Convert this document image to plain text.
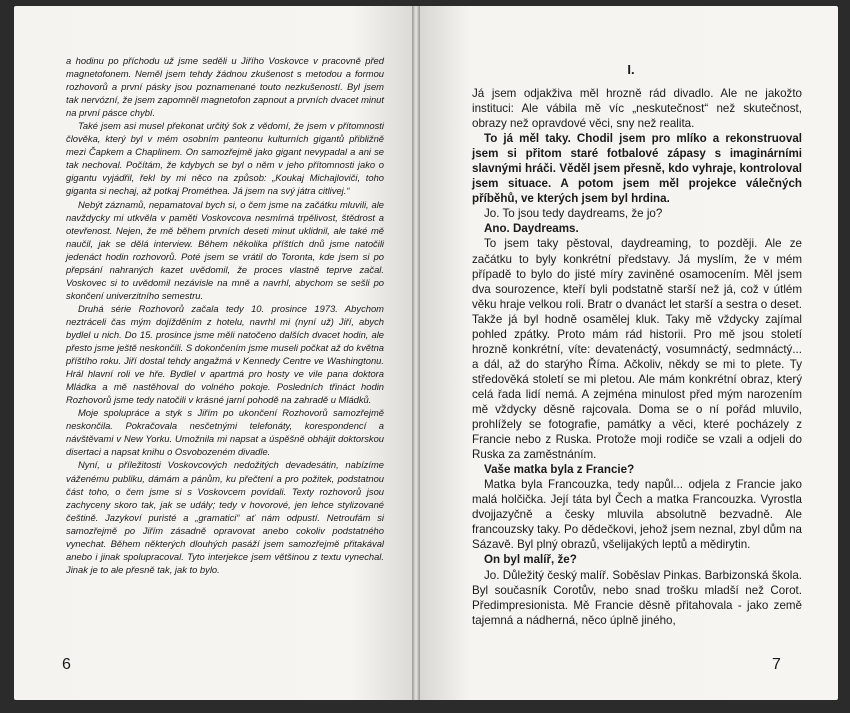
a hodinu po příchodu už jsme seděli u Jiřího Voskovce v pracovně před magnetofonem. Neměl jsem tehdy žádnou zkušenost s metodou a formou rozhovorů a první pásky jsou poznamenané touto nezkušeností. Byl jsem tak nervózní, že jsem zapomněl magnetofon zapnout a prvních dvacet minut na první pásce chybí.

Také jsem asi musel překonat určitý šok z vědomí, že jsem v přítomnosti člověka, který byl v mém osobním panteonu kulturních gigantů přibližně mezi Čapkem a Chaplinem. On samozřejmě jako gigant nevypadal a ani se tak nechoval. Počítám, že kdybych se byl o něm v jeho přítomnosti jako o gigantu vyjádřil, řekl by mi něco na způsob: „Koukaj Michajloviči, toho giganta si nechaj, až potkaj Prométhea. Já jsem na svý játra citlivej.“

Nebýt záznamů, nepamatoval bych si, o čem jsme na začátku mluvili, ale navždycky mi utkvěla v paměti Voskovcova nesmírná trpělivost, štědrost a otevřenost. Nejen, že mě během prvních deseti minut uklidnil, ale také mě naučil, jak se dělá interview. Během několika příštích dnů jsme natočili jedenáct hodin rozhovorů. Poté jsem se vrátil do Toronta, kde jsem si po přepsání nahraných kazet uvědomil, že proces vlastně teprve začal. Voskovec si to uvědomil nezávisle na mně a navrhl, abychom se sešli po skončení univerzitního semestru.

Druhá série Rozhovorů začala tedy 10. prosince 1973. Abychom neztráceli čas mým dojížděním z hotelu, navrhl mi (nyní už) Jiří, abych bydlel u nich. Do 15. prosince jsme měli natočeno dalších dvacet hodin, ale přesto jsme ještě neskončili. S dokončením jsme museli počkat až do května příštího roku. Jiří dostal tehdy angažmá v Kennedy Centre ve Washingtonu. Hrál hlavní roli ve hře. Bydlel v apartmá pro hosty ve vile pana doktora Mládka a mě nastěhoval do volného pokoje. Posledních třináct hodin Rozhovorů jsme tedy natočili v krásné jarní pohodě na zahradě u Mládků.

Moje spolupráce a styk s Jiřím po ukončení Rozhovorů samozřejmě neskončila. Pokračovala nesčetnými telefonáty, korespondencí a návštěvami v New Yorku. Umožnila mi napsat a úspěšně obhájit doktorskou disertaci a napsat knihu o Osvobozeném divadle.

Nyní, u příležitosti Voskovcových nedožitých devadesátin, nabízíme váženému publiku, dámám a pánům, ku přečtení a pro požitek, podstatnou část toho, o čem jsme si s Voskovcem povídali. Texty rozhovorů jsou zachyceny skoro tak, jak se udály; tedy v hovorové, jen lehce stylizované češtině. Jazykoví puristé a „gramatici“ ať nám odpustí. Netroufám si samozřejmě po Jiřím zásadně opravovat anebo cokoliv podstatného vynechat. Během některých dlouhých pasáží jsem samozřejmě přitakával anebo i jinak spolupracoval. Tyto interjekce jsem většinou z textu vynechal. Jinak je to ale přesně tak, jak to bylo.

6
I.

Já jsem odjakživa měl hrozně rád divadlo. Ale ne jakožto instituci: Ale vábila mě víc „neskutečnost“ než skutečnost, obrazy než opravdové věci, sny než realita.

To já měl taky. Chodil jsem pro mlíko a rekonstruoval jsem si přitom staré fotbalové zápasy s imaginárními slavnými hráči. Věděl jsem přesně, kdo vyhraje, kontroloval jsem situace. A potom jsem měl projekce válečných příběhů, ve kterých jsem byl hrdina.

Jo. To jsou tedy daydreams, že jo?

Ano. Daydreams.

To jsem taky pěstoval, daydreaming, to později. Ale ze začátku to byly konkrétní představy. Já myslím, že v mém případě to bylo do jisté míry zaviněné osamocením. Měl jsem dva sourozence, kteří byli podstatně starší než já, což v útlém věku hraje velkou roli. Bratr o dvanáct let starší a sestra o deset. Takže já byl hodně osamělej kluk. Taky mě vždycky zajímal pohled zpátky. Proto mám rád historii. Pro mě jsou století hrozně konkrétní, víte: devatenáctý, vosumnáctý, sedmnáctý... a dál, až do starýho Říma. Ačkoliv, někdy se mi to plete. Ty středověká století se mi pletou. Ale mám konkrétní obraz, který celá řada lidí nemá. A zejména minulost před mým narozením mě vždycky děsně rajcovala. Doma se o ní pořád mluvilo, prohlížely se fotografie, památky a věci, které pocházely z Francie nebo z Ruska. Protože moji rodiče se vzali a odjeli do Ruska za zaměstnáním.

Vaše matka byla z Francie?

Matka byla Francouzka, tedy napůl... odjela z Francie jako malá holčička. Její táta byl Čech a matka Francouzka. Vyrostla dvojjazyčně a česky mluvila absolutně bezvadně. Ale francouzsky taky. Po dědečkovi, jehož jsem neznal, zbyl dům na Sázavě. Byl plný obrazů, všelijakých leptů a mědirytin.

On byl malíř, že?

Jo. Důležitý český malíř. Soběslav Pinkas. Barbizonská škola. Byl současník Corotův, nebo snad trošku mladší než Corot. Předimpresionista. Mě Francie děsně přitahovala - jako země tajemná a nádherná, něco úplně jiného,

7
